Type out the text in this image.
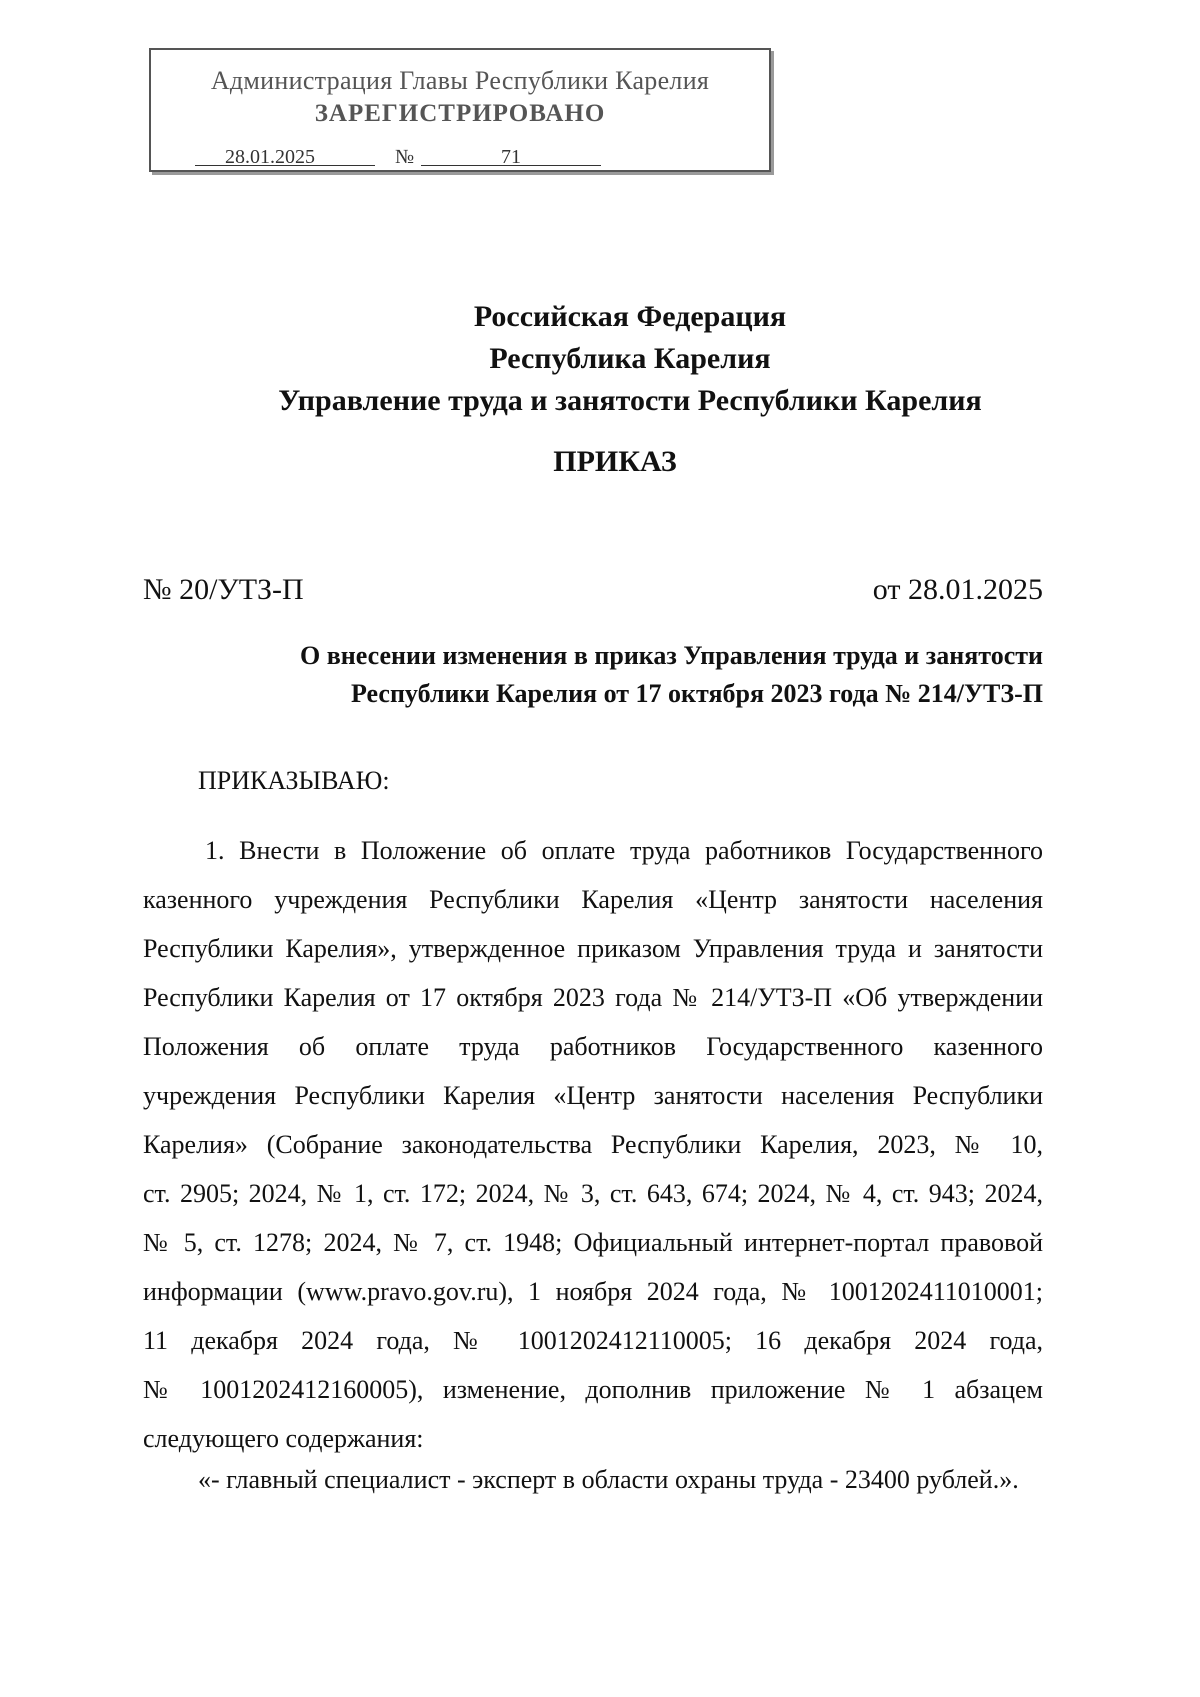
Администрация Главы Республики Карелия
ЗАРЕГИСТРИРОВАНО
28.01.2025	№	71
Российская Федерация
Республика Карелия
Управление труда и занятости Республики Карелия
ПРИКАЗ
№ 20/УТЗ-П	от 28.01.2025
О внесении изменения в приказ Управления труда и занятости
Республики Карелия от 17 октября 2023 года № 214/УТЗ-П
ПРИКАЗЫВАЮ:
1. Внести в Положение об оплате труда работников Государственного
казенного учреждения Республики Карелия «Центр занятости населения
Республики Карелия», утвержденное приказом Управления труда и занятости
Республики Карелия от 17 октября 2023 года № 214/УТЗ-П «Об утверждении
Положения об оплате труда работников Государственного казенного
учреждения Республики Карелия «Центр занятости населения Республики
Карелия» (Собрание законодательства Республики Карелия, 2023, № 10,
ст. 2905; 2024, № 1, ст. 172; 2024, № 3, ст. 643, 674; 2024, № 4, ст. 943; 2024,
№ 5, ст. 1278; 2024, № 7, ст. 1948; Официальный интернет-портал правовой
информации (www.pravo.gov.ru), 1 ноября 2024 года, № 1001202411010001;
11 декабря 2024 года, № 1001202412110005; 16 декабря 2024 года,
№ 1001202412160005), изменение, дополнив приложение № 1 абзацем
следующего содержания:
«- главный специалист - эксперт в области охраны труда - 23400 рублей.».
